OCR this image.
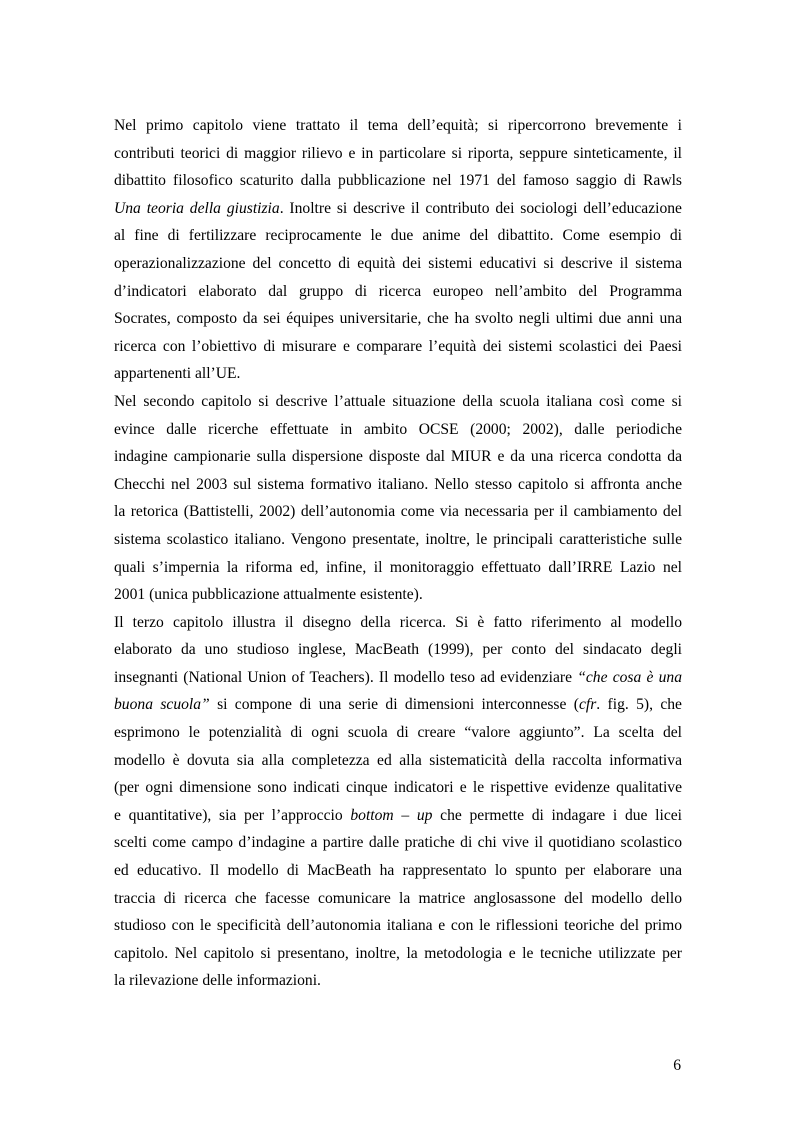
Nel primo capitolo viene trattato il tema dell’equità; si ripercorrono brevemente i
contributi teorici di maggior rilievo e in particolare si riporta, seppure sinteticamente, il
dibattito filosofico scaturito dalla pubblicazione nel 1971 del famoso saggio di Rawls
Una teoria della giustizia. Inoltre si descrive il contributo dei sociologi dell’educazione
al fine di fertilizzare reciprocamente le due anime del dibattito. Come esempio di
operazionalizzazione del concetto di equità dei sistemi educativi si descrive il sistema
d’indicatori elaborato dal gruppo di ricerca europeo nell’ambito del Programma
Socrates, composto da sei équipes universitarie, che ha svolto negli ultimi due anni una
ricerca con l’obiettivo di misurare e comparare l’equità dei sistemi scolastici dei Paesi
appartenenti all’UE.

Nel secondo capitolo si descrive l’attuale situazione della scuola italiana così come si
evince dalle ricerche effettuate in ambito OCSE (2000; 2002), dalle periodiche
indagine campionarie sulla dispersione disposte dal MIUR e da una ricerca condotta da
Checchi nel 2003 sul sistema formativo italiano. Nello stesso capitolo si affronta anche
la retorica (Battistelli, 2002) dell’autonomia come via necessaria per il cambiamento del
sistema scolastico italiano. Vengono presentate, inoltre, le principali caratteristiche sulle
quali s’impernia la riforma ed, infine, il monitoraggio effettuato dall’IRRE Lazio nel
2001 (unica pubblicazione attualmente esistente).

Il terzo capitolo illustra il disegno della ricerca. Si è fatto riferimento al modello
elaborato da uno studioso inglese, MacBeath (1999), per conto del sindacato degli
insegnanti (National Union of Teachers). Il modello teso ad evidenziare “che cosa è una
buona scuola” si compone di una serie di dimensioni interconnesse (cfr. fig. 5), che
esprimono le potenzialità di ogni scuola di creare “valore aggiunto”. La scelta del
modello è dovuta sia alla completezza ed alla sistematicità della raccolta informativa
(per ogni dimensione sono indicati cinque indicatori e le rispettive evidenze qualitative
e quantitative), sia per l’approccio bottom – up che permette di indagare i due licei
scelti come campo d’indagine a partire dalle pratiche di chi vive il quotidiano scolastico
ed educativo. Il modello di MacBeath ha rappresentato lo spunto per elaborare una
traccia di ricerca che facesse comunicare la matrice anglosassone del modello dello
studioso con le specificità dell’autonomia italiana e con le riflessioni teoriche del primo
capitolo. Nel capitolo si presentano, inoltre, la metodologia e le tecniche utilizzate per
la rilevazione delle informazioni.

6
